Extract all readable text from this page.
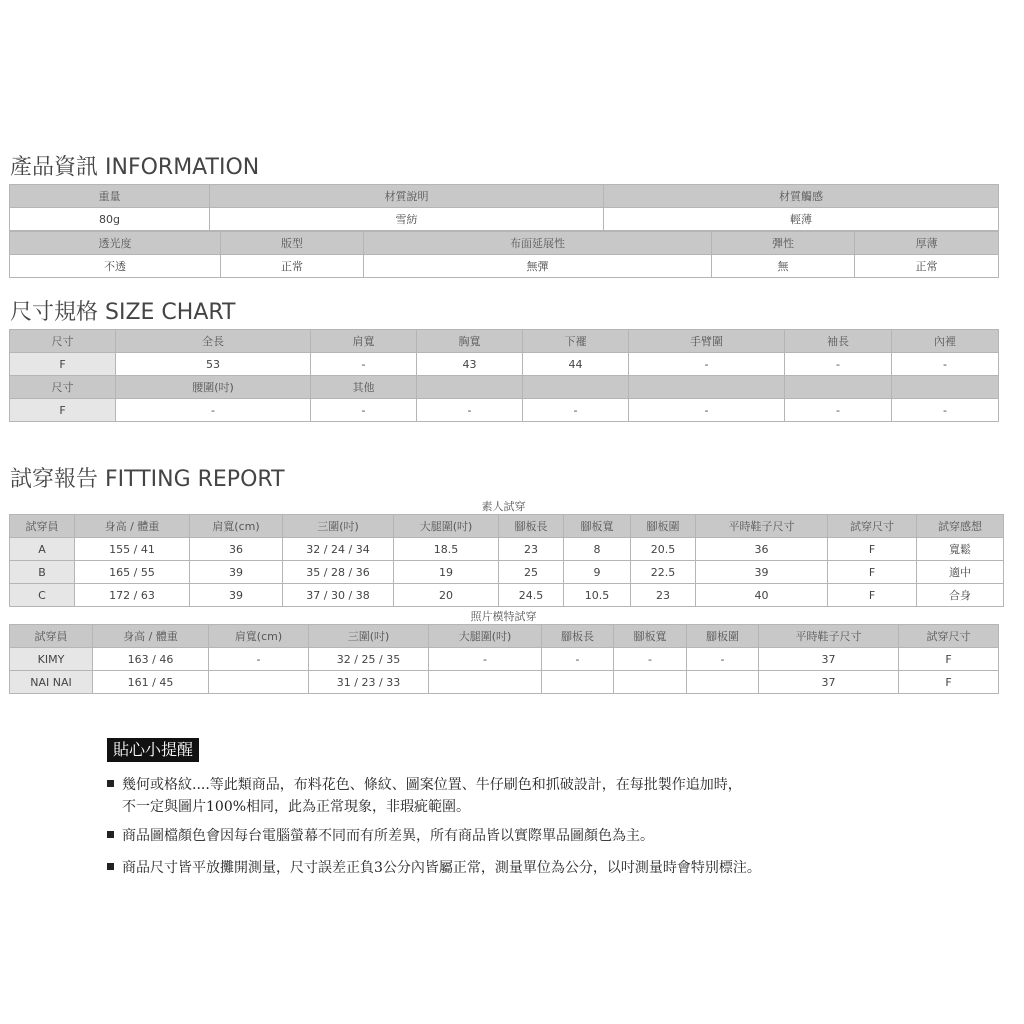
產品資訊 INFORMATION
重量	材質說明	材質觸感
80g	雪紡	輕薄
透光度	版型	布面延展性	彈性	厚薄
不透	正常	無彈	無	正常
尺寸規格 SIZE CHART
尺寸	全長	肩寬	胸寬	下襬	手臂圍	袖長	內裡
F	53	-	43	44	-	-	-
尺寸	腰圍(吋)	其他					
F	-	-	-	-	-	-	-
試穿報告 FITTING REPORT
素人試穿
試穿員	身高 / 體重	肩寬(cm)	三圍(吋)	大腿圍(吋)	腳板長	腳板寬	腳板圍	平時鞋子尺寸	試穿尺寸	試穿感想
A	155 / 41	36	32 / 24 / 34	18.5	23	8	20.5	36	F	寬鬆
B	165 / 55	39	35 / 28 / 36	19	25	9	22.5	39	F	適中
C	172 / 63	39	37 / 30 / 38	20	24.5	10.5	23	40	F	合身
照片模特試穿
試穿員	身高 / 體重	肩寬(cm)	三圍(吋)	大腿圍(吋)	腳板長	腳板寬	腳板圍	平時鞋子尺寸	試穿尺寸
KIMY	163 / 46	-	32 / 25 / 35	-	-	-	-	37	F
NAI NAI	161 / 45		31 / 23 / 33					37	F
貼心小提醒
幾何或格紋....等此類商品，布料花色、條紋、圖案位置、牛仔刷色和抓破設計，在每批製作追加時，
不一定與圖片100%相同，此為正常現象，非瑕疵範圍。
商品圖檔顏色會因每台電腦螢幕不同而有所差異，所有商品皆以實際單品圖顏色為主。
商品尺寸皆平放攤開測量，尺寸誤差正負3公分內皆屬正常，測量單位為公分，以吋測量時會特別標注。
